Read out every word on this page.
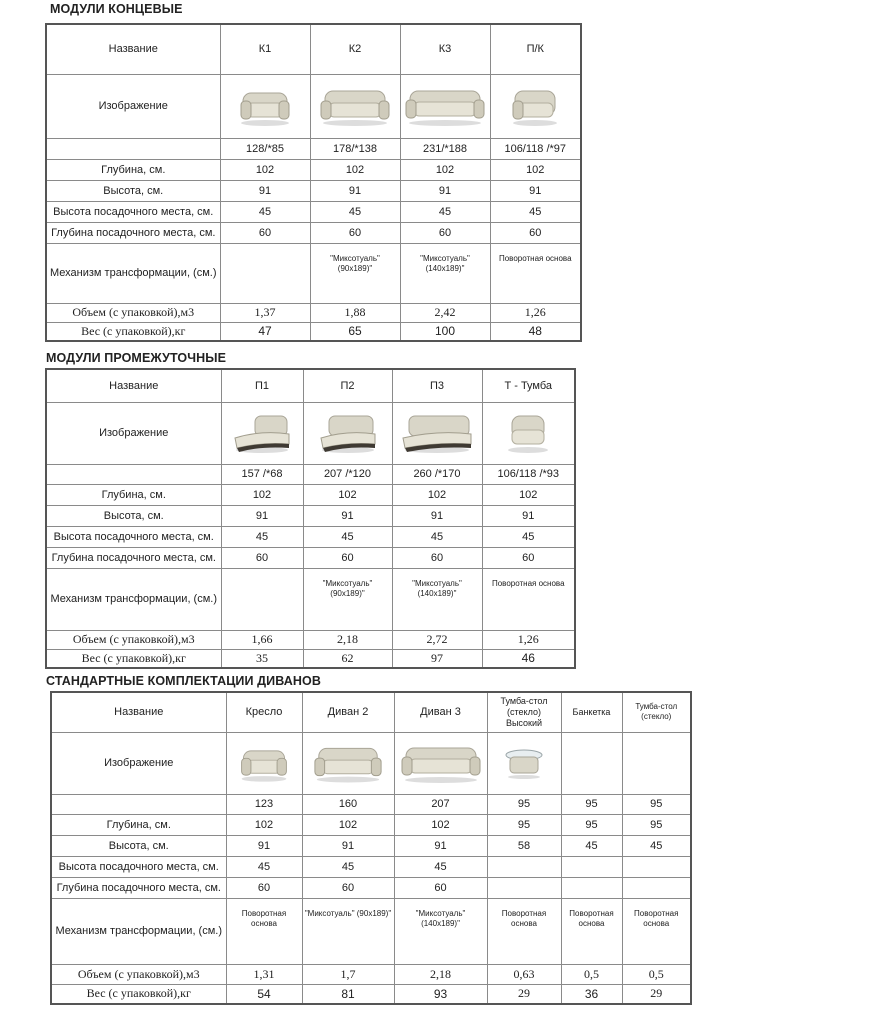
МОДУЛИ КОНЦЕВЫЕ
Название	К1	К2	К3	П/К
Изображение	

	128/*85	178/*138	231/*188	106/118 /*97
Глубина, см.	102	102	102	102
Высота, см.	91	91	91	91
Высота посадочного места, см.	45	45	45	45
Глубина посадочного места, см.	60	60	60	60
Механизм трансформации, (см.)		"Миксотуаль" (90x189)"	"Миксотуаль" (140x189)"	Поворотная основа
Объем (с упаковкой),м3	1,37	1,88	2,42	1,26
Вес (с упаковкой),кг	47	65	100	48
МОДУЛИ ПРОМЕЖУТОЧНЫЕ
Название	П1	П2	П3	Т - Тумба
Изображение	

	157 /*68	207 /*120	260 /*170	106/118 /*93
Глубина, см.	102	102	102	102
Высота, см.	91	91	91	91
Высота посадочного места, см.	45	45	45	45
Глубина посадочного места, см.	60	60	60	60
Механизм трансформации, (см.)		"Миксотуаль" (90x189)"	"Миксотуаль" (140x189)"	Поворотная основа
Объем (с упаковкой),м3	1,66	2,18	2,72	1,26
Вес (с упаковкой),кг	35	62	97	46
СТАНДАРТНЫЕ КОМПЛЕКТАЦИИ ДИВАНОВ
Название	Кресло	Диван 2	Диван 3	Тумба-стол (стекло) Высокий	Банкетка	Тумба-стол (стекло)
Изображение	

	123	160	207	95	95	95
Глубина, см.	102	102	102	95	95	95
Высота, см.	91	91	91	58	45	45
Высота посадочного места, см.	45	45	45			
Глубина посадочного места, см.	60	60	60			
Механизм трансформации, (см.)	Поворотная основа	"Миксотуаль" (90x189)"	"Миксотуаль" (140x189)"	Поворотная основа	Поворотная основа	Поворотная основа
Объем (с упаковкой),м3	1,31	1,7	2,18	0,63	0,5	0,5
Вес (с упаковкой),кг	54	81	93	29	36	29
